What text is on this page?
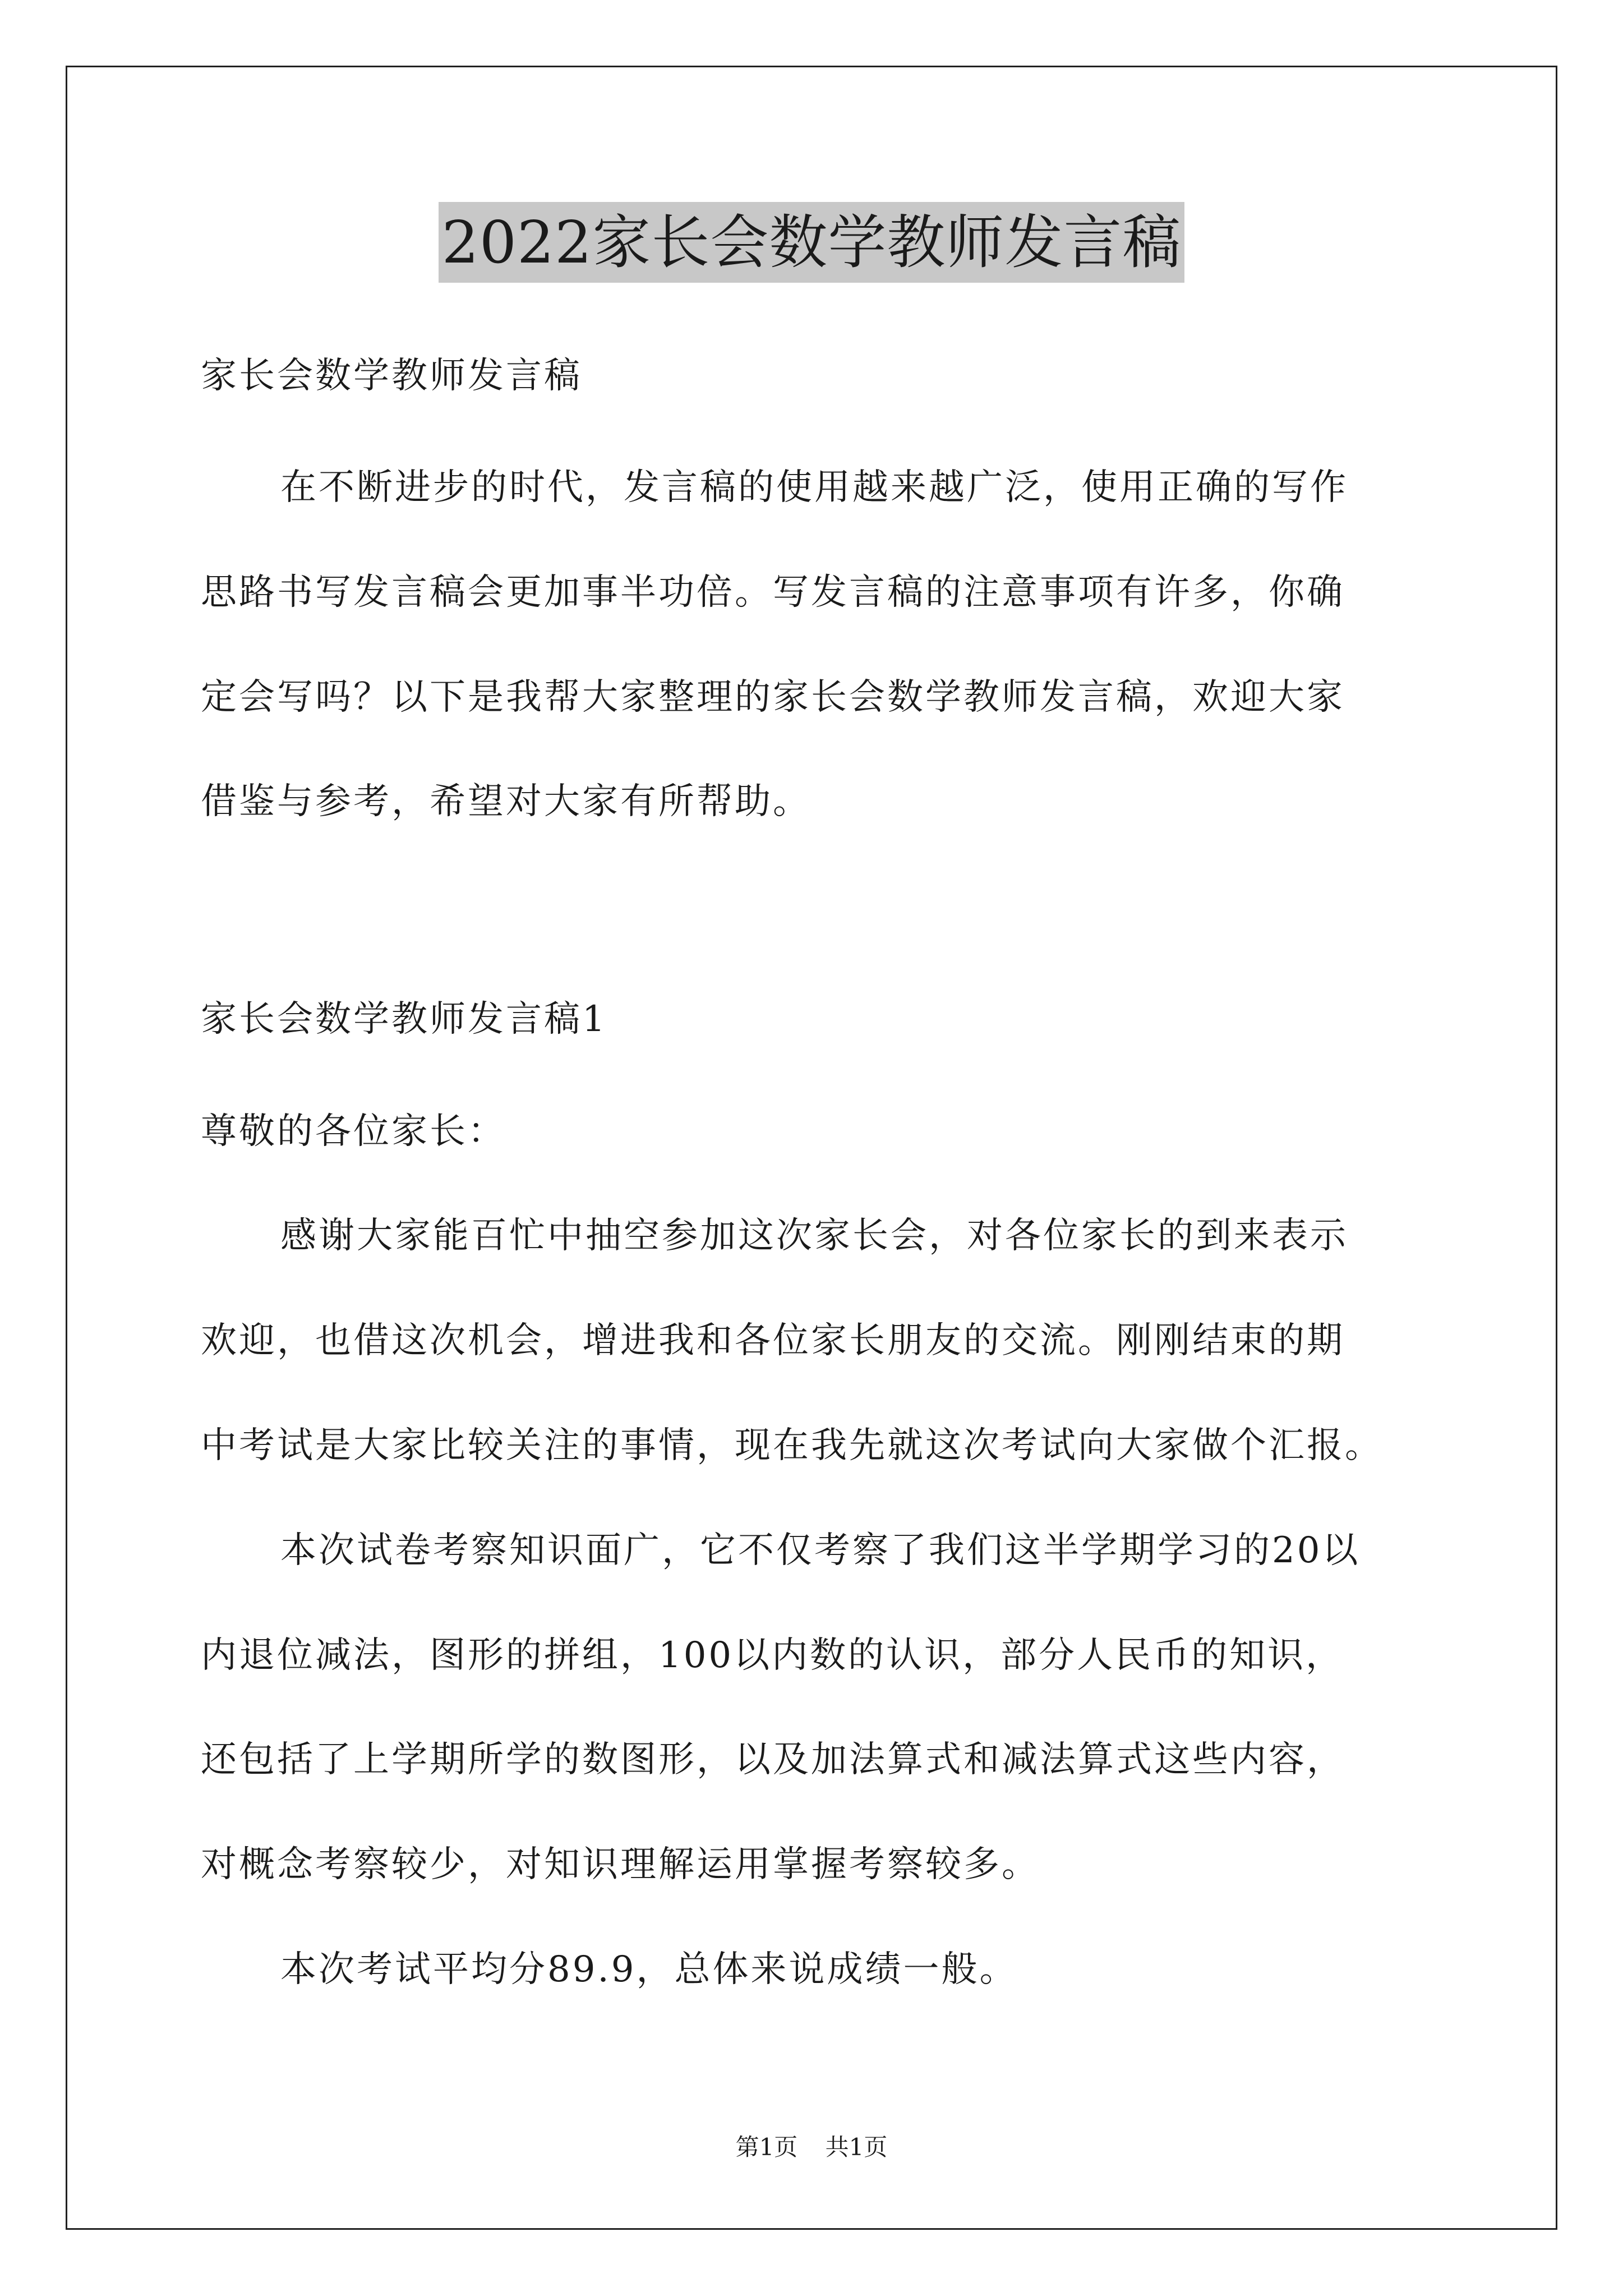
2022家长会数学教师发言稿
家长会数学教师发言稿
在不断进步的时代，发言稿的使用越来越广泛，使用正确的写作
思路书写发言稿会更加事半功倍。写发言稿的注意事项有许多，你确
定会写吗？以下是我帮大家整理的家长会数学教师发言稿，欢迎大家
借鉴与参考，希望对大家有所帮助。
家长会数学教师发言稿1
尊敬的各位家长：
感谢大家能百忙中抽空参加这次家长会，对各位家长的到来表示
欢迎，也借这次机会，增进我和各位家长朋友的交流。刚刚结束的期
中考试是大家比较关注的事情，现在我先就这次考试向大家做个汇报。
本次试卷考察知识面广，它不仅考察了我们这半学期学习的20以
内退位减法，图形的拼组，100以内数的认识，部分人民币的知识，
还包括了上学期所学的数图形，以及加法算式和减法算式这些内容，
对概念考察较少，对知识理解运用掌握考察较多。
本次考试平均分89.9，总体来说成绩一般。
第1页 共1页
